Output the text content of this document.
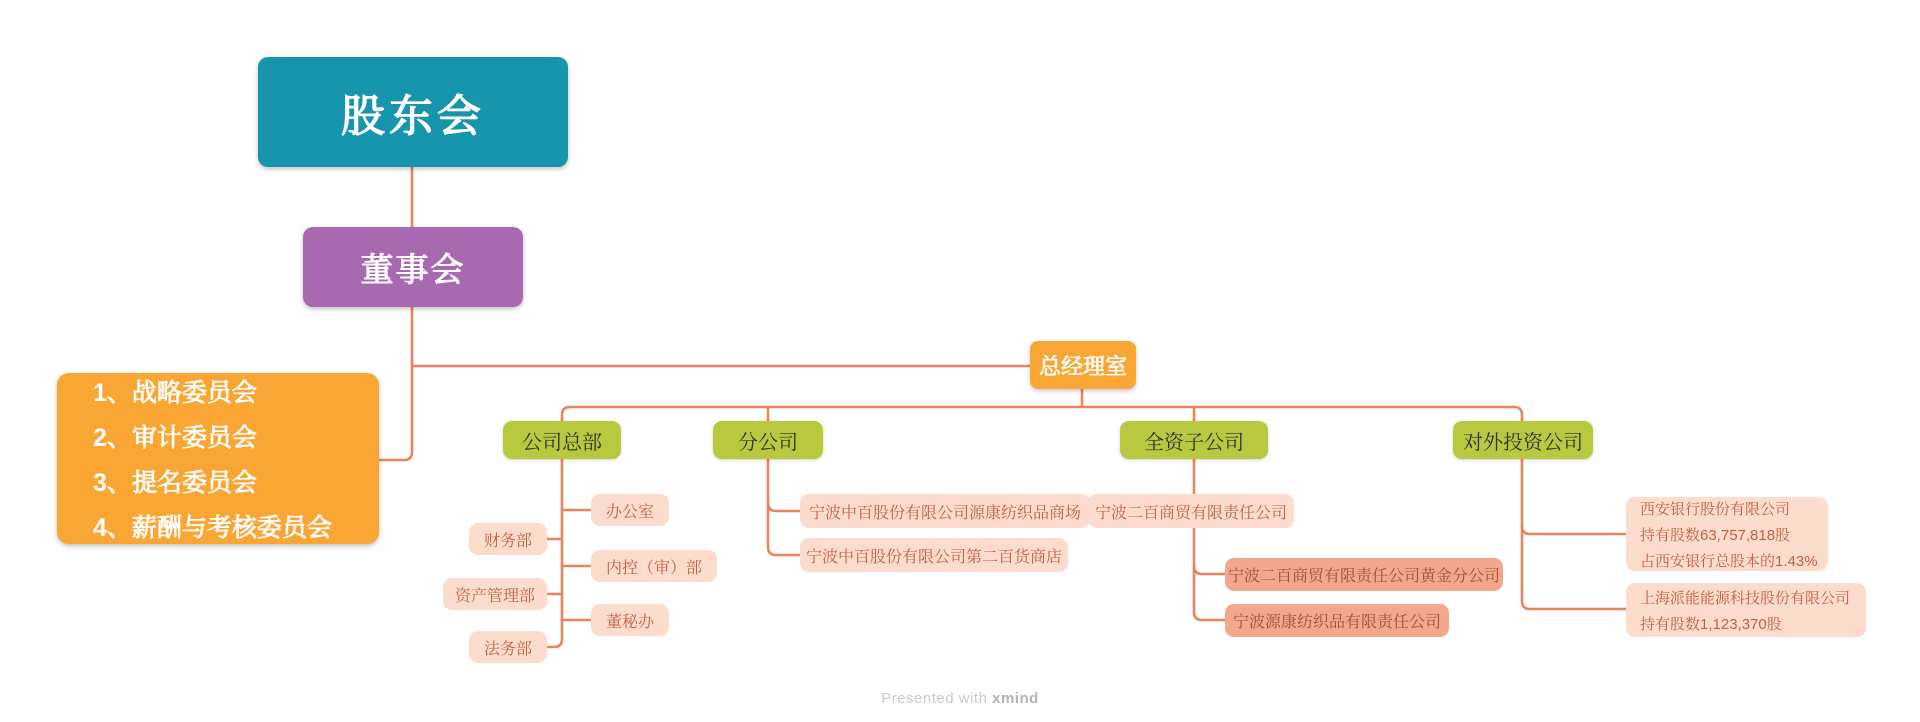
股东会
董事会
1、战略委员会
2、审计委员会
3、提名委员会
4、薪酬与考核委员会
总经理室
公司总部	分公司	全资子公司	对外投资公司
办公室
财务部
内控（审）部
资产管理部
董秘办
法务部
宁波中百股份有限公司源康纺织品商场
宁波中百股份有限公司第二百货商店
宁波二百商贸有限责任公司
宁波二百商贸有限责任公司黄金分公司
宁波源康纺织品有限责任公司
西安银行股份有限公司
持有股数63,757,818股
占西安银行总股本的1.43%
上海派能能源科技股份有限公司
持有股数1,123,370股
Presented with xmind
